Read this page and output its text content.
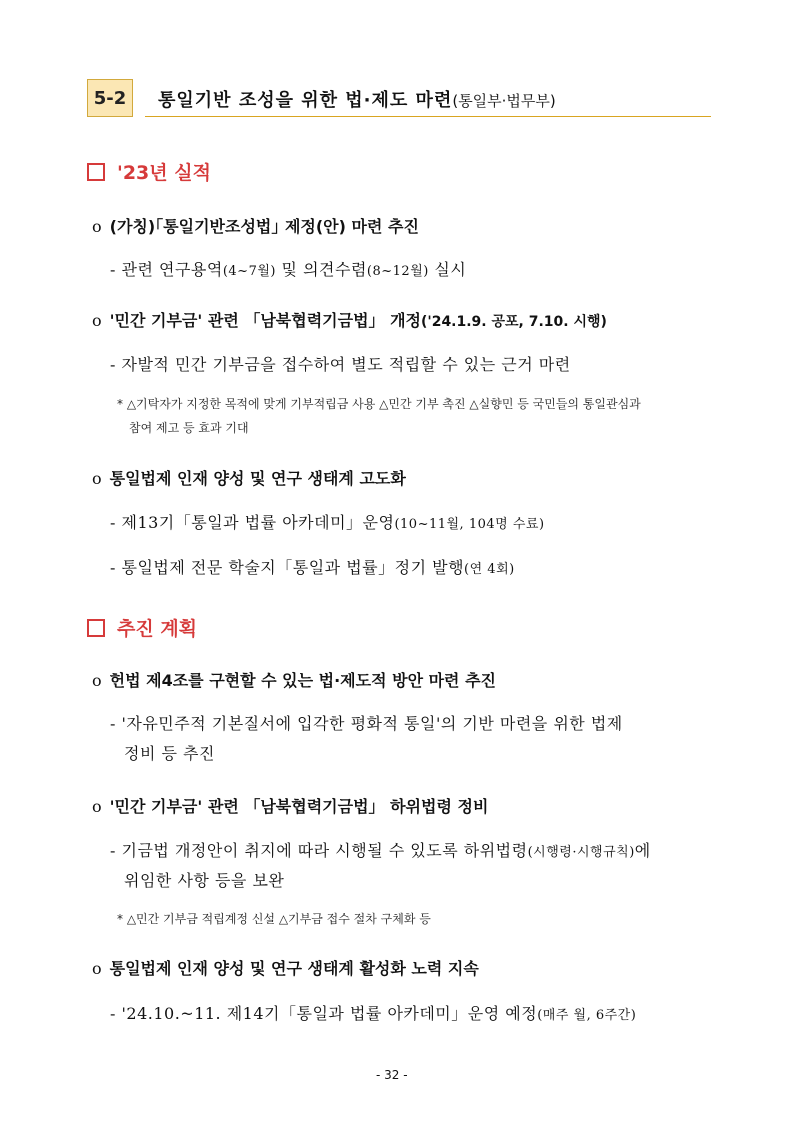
5-2	통일기반 조성을 위한 법·제도 마련(통일부·법무부)
'23년 실적
o (가칭)｢통일기반조성법｣ 제정(안) 마련 추진
- 관련 연구용역(4~7월) 및 의견수렴(8~12월) 실시
o '민간 기부금' 관련 「남북협력기금법」 개정('24.1.9. 공포, 7.10. 시행)
- 자발적 민간 기부금을 접수하여 별도 적립할 수 있는 근거 마련
* △기탁자가 지정한 목적에 맞게 기부적립금 사용 △민간 기부 촉진 △실향민 등 국민들의 통일관심과
참여 제고 등 효과 기대
o 통일법제 인재 양성 및 연구 생태계 고도화
- 제13기「통일과 법률 아카데미」운영(10~11월, 104명 수료)
- 통일법제 전문 학술지「통일과 법률」정기 발행(연 4회)
추진 계획
o 헌법 제4조를 구현할 수 있는 법·제도적 방안 마련 추진
- '자유민주적 기본질서에 입각한 평화적 통일'의 기반 마련을 위한 법제
정비 등 추진
o '민간 기부금' 관련 「남북협력기금법」 하위법령 정비
- 기금법 개정안이 취지에 따라 시행될 수 있도록 하위법령(시행령·시행규칙)에
위임한 사항 등을 보완
* △민간 기부금 적립계정 신설 △기부금 접수 절차 구체화 등
o 통일법제 인재 양성 및 연구 생태계 활성화 노력 지속
- '24.10.~11. 제14기「통일과 법률 아카데미」운영 예정(매주 월, 6주간)
- 32 -
